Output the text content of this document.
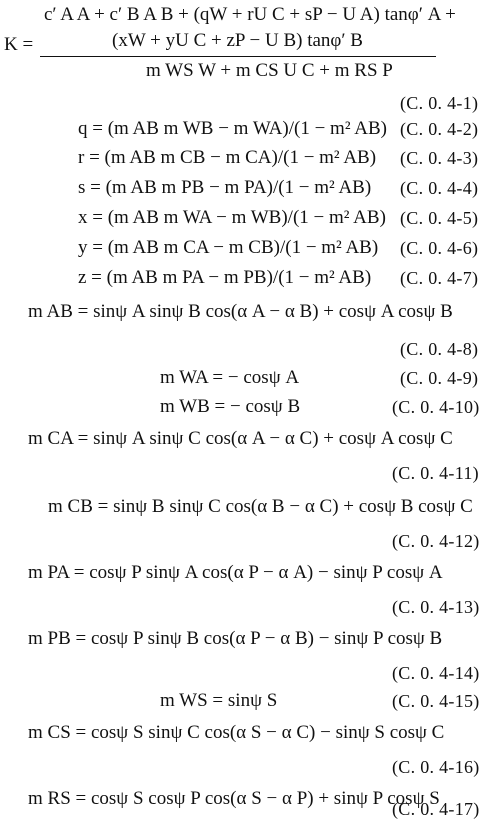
c′ A A + c′ B A B + (qW + rU C + sP − U A) tanφ′ A +
K =	(xW + yU C + zP − U B) tanφ′ B
m WS W + m CS U C + m RS P
(C. 0. 4-1)
q = (m AB m WB − m WA)/(1 − m² AB) (C. 0. 4-2)
r = (m AB m CB − m CA)/(1 − m² AB) (C. 0. 4-3)
s = (m AB m PB − m PA)/(1 − m² AB) (C. 0. 4-4)
x = (m AB m WA − m WB)/(1 − m² AB) (C. 0. 4-5)
y = (m AB m CA − m CB)/(1 − m² AB) (C. 0. 4-6)
z = (m AB m PA − m PB)/(1 − m² AB) (C. 0. 4-7)
m AB = sinψ A sinψ B cos(α A − α B) + cosψ A cosψ B
(C. 0. 4-8)
m WA = − cosψ A	(C. 0. 4-9)
m WB = − cosψ B	(C. 0. 4-10)
m CA = sinψ A sinψ C cos(α A − α C) + cosψ A cosψ C
(C. 0. 4-11)
m CB = sinψ B sinψ C cos(α B − α C) + cosψ B cosψ C
(C. 0. 4-12)
m PA = cosψ P sinψ A cos(α P − α A) − sinψ P cosψ A
(C. 0. 4-13)
m PB = cosψ P sinψ B cos(α P − α B) − sinψ P cosψ B
(C. 0. 4-14)
m WS = sinψ S	(C. 0. 4-15)
m CS = cosψ S sinψ C cos(α S − α C) − sinψ S cosψ C
(C. 0. 4-16)
m RS = cosψ S cosψ P cos(α S − α P) + sinψ P cosψ S
(C. 0. 4-17)
